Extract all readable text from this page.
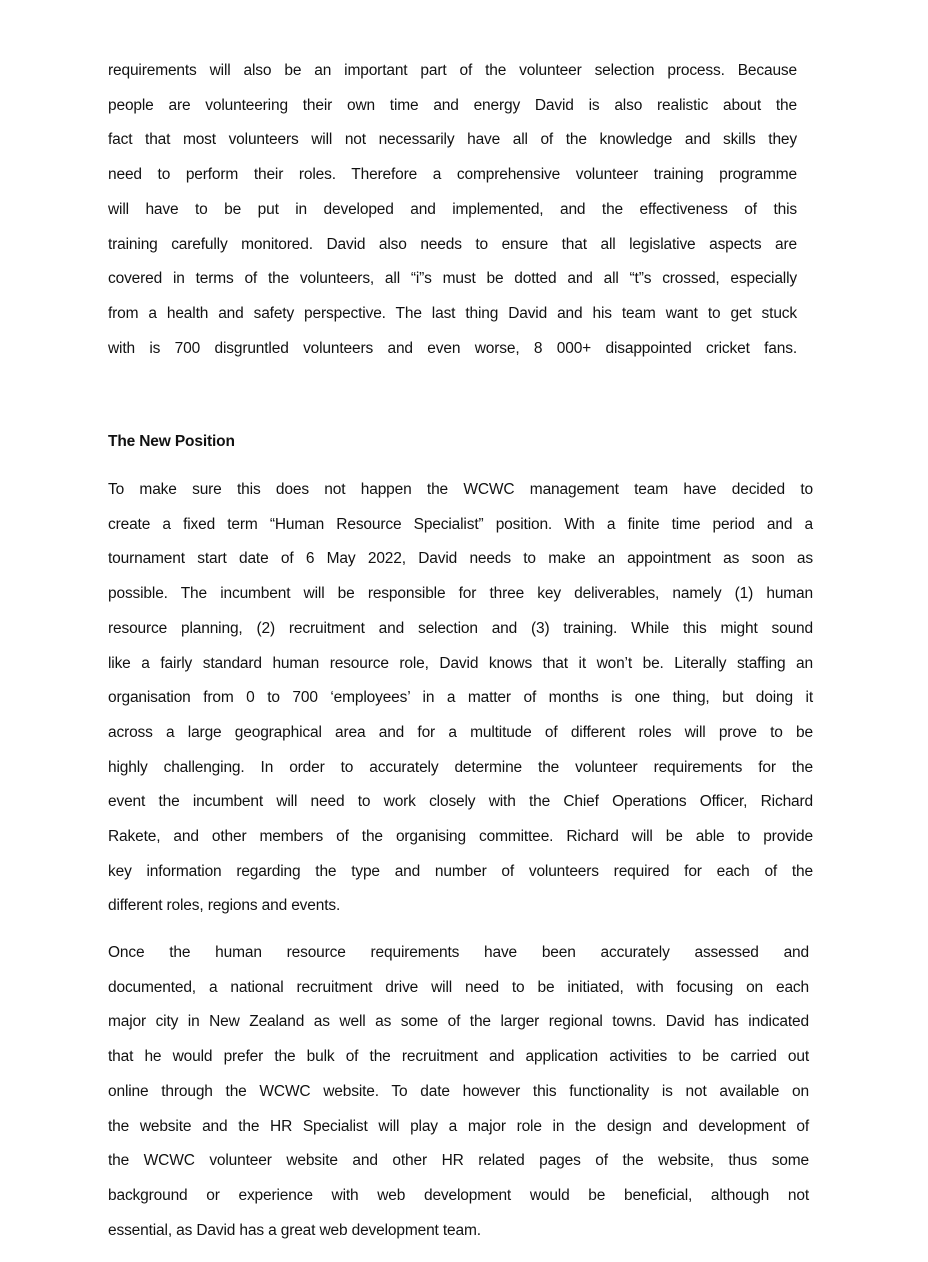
requirements will also be an important part of the volunteer selection process. Because
people are volunteering their own time and energy David is also realistic about the
fact that most volunteers will not necessarily have all of the knowledge and skills they
need to perform their roles. Therefore a comprehensive volunteer training programme
will have to be put in developed and implemented, and the effectiveness of this
training carefully monitored. David also needs to ensure that all legislative aspects are
covered in terms of the volunteers, all “i”s must be dotted and all “t”s crossed, especially
from a health and safety perspective. The last thing David and his team want to get stuck
with is 700 disgruntled volunteers and even worse, 8 000+ disappointed cricket fans.
The New Position
To make sure this does not happen the WCWC management team have decided to
create a fixed term “Human Resource Specialist” position. With a finite time period and a
tournament start date of 6 May 2022, David needs to make an appointment as soon as
possible. The incumbent will be responsible for three key deliverables, namely (1) human
resource planning, (2) recruitment and selection and (3) training. While this might sound
like a fairly standard human resource role, David knows that it won’t be. Literally staffing an
organisation from 0 to 700 ‘employees’ in a matter of months is one thing, but doing it
across a large geographical area and for a multitude of different roles will prove to be
highly challenging. In order to accurately determine the volunteer requirements for the
event the incumbent will need to work closely with the Chief Operations Officer, Richard
Rakete, and other members of the organising committee. Richard will be able to provide
key information regarding the type and number of volunteers required for each of the
different roles, regions and events.
Once the human resource requirements have been accurately assessed and
documented, a national recruitment drive will need to be initiated, with focusing on each
major city in New Zealand as well as some of the larger regional towns. David has indicated
that he would prefer the bulk of the recruitment and application activities to be carried out
online through the WCWC website. To date however this functionality is not available on
the website and the HR Specialist will play a major role in the design and development of
the WCWC volunteer website and other HR related pages of the website, thus some
background or experience with web development would be beneficial, although not
essential, as David has a great web development team.
